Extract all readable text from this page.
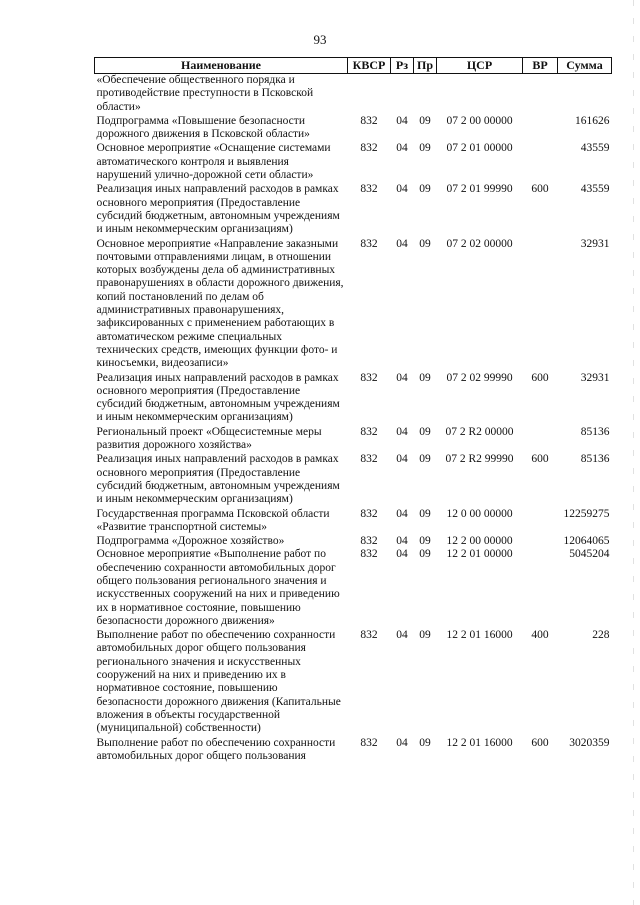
93
Наименование	КВСР	Рз	Пр	ЦСР	ВР	Сумма
«Обеспечение общественного порядка и противодействие преступности в Псковской области»						
Подпрограмма «Повышение безопасности дорожного движения в Псковской области»	832	04	09	07 2 00 00000		161626
Основное мероприятие «Оснащение системами автоматического контроля и выявления нарушений улично-дорожной сети области»	832	04	09	07 2 01 00000		43559
Реализация иных направлений расходов в рамках основного мероприятия (Предоставление субсидий бюджетным, автономным учреждениям и иным некоммерческим организациям)	832	04	09	07 2 01 99990	600	43559
Основное мероприятие «Направление заказными почтовыми отправлениями лицам, в отношении которых возбуждены дела об административных правонарушениях в области дорожного движения, копий постановлений по делам об административных правонарушениях, зафиксированных с применением работающих в автоматическом режиме специальных технических средств, имеющих функции фото- и киносъемки, видеозаписи»	832	04	09	07 2 02 00000		32931
Реализация иных направлений расходов в рамках основного мероприятия (Предоставление субсидий бюджетным, автономным учреждениям и иным некоммерческим организациям)	832	04	09	07 2 02 99990	600	32931
Региональный проект «Общесистемные меры развития дорожного хозяйства»	832	04	09	07 2 R2 00000		85136
Реализация иных направлений расходов в рамках основного мероприятия (Предоставление субсидий бюджетным, автономным учреждениям и иным некоммерческим организациям)	832	04	09	07 2 R2 99990	600	85136
Государственная программа Псковской области «Развитие транспортной системы»	832	04	09	12 0 00 00000		12259275
Подпрограмма «Дорожное хозяйство»	832	04	09	12 2 00 00000		12064065
Основное мероприятие «Выполнение работ по обеспечению сохранности автомобильных дорог общего пользования регионального значения и искусственных сооружений на них и приведению их в нормативное состояние, повышению безопасности дорожного движения»	832	04	09	12 2 01 00000		5045204
Выполнение работ по обеспечению сохранности автомобильных дорог общего пользования регионального значения и искусственных сооружений на них и приведению их в нормативное состояние, повышению безопасности дорожного движения (Капитальные вложения в объекты государственной (муниципальной) собственности)	832	04	09	12 2 01 16000	400	228
Выполнение работ по обеспечению сохранности автомобильных дорог общего пользования	832	04	09	12 2 01 16000	600	3020359
